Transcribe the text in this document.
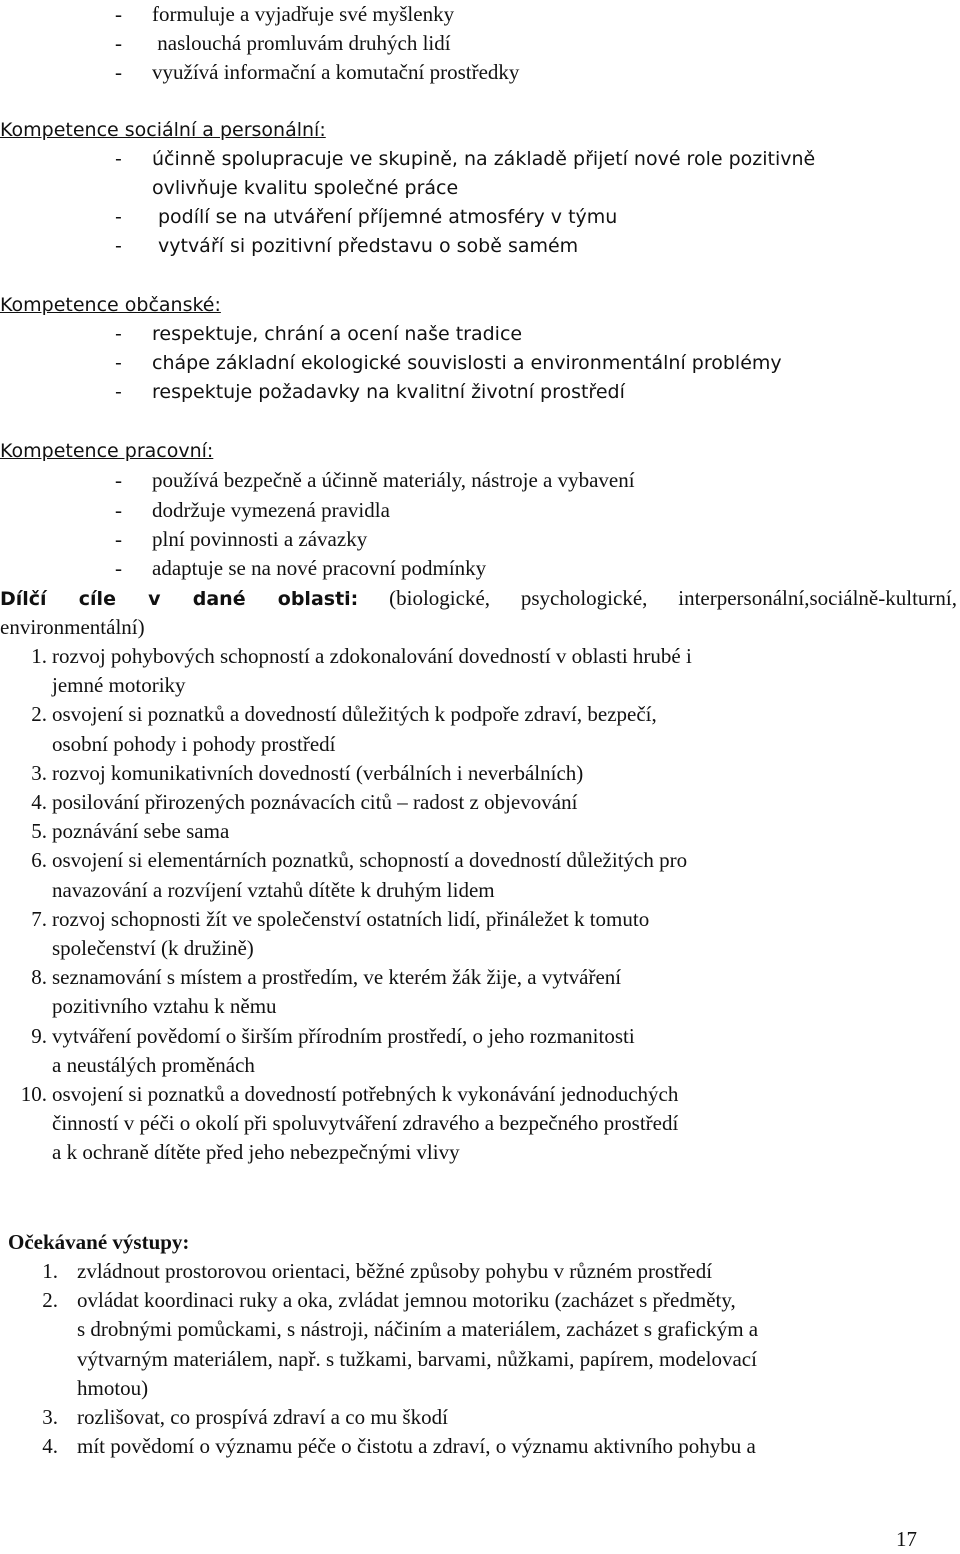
- formuluje a vyjadřuje své myšlenky
- naslouchá promluvám druhých lidí
- využívá informační a komutační prostředky
Kompetence sociální a personální:
- účinně spolupracuje ve skupině, na základě přijetí nové role pozitivně
ovlivňuje kvalitu společné práce
- podílí se na utváření příjemné atmosféry v týmu
- vytváří si pozitivní představu o sobě samém
Kompetence občanské:
- respektuje, chrání a ocení naše tradice
- chápe základní ekologické souvislosti a environmentální problémy
- respektuje požadavky na kvalitní životní prostředí
Kompetence pracovní:
- používá bezpečně a účinně materiály, nástroje a vybavení
- dodržuje vymezená pravidla
- plní povinnosti a závazky
- adaptuje se na nové pracovní podmínky
Dílčí cíle v dané oblasti: (biologické, psychologické, interpersonální,sociálně-kulturní,
environmentální)
1. rozvoj pohybových schopností a zdokonalování dovedností v oblasti hrubé i
jemné motoriky
2. osvojení si poznatků a dovedností důležitých k podpoře zdraví, bezpečí,
osobní pohody i pohody prostředí
3. rozvoj komunikativních dovedností (verbálních i neverbálních)
4. posilování přirozených poznávacích citů – radost z objevování
5. poznávání sebe sama
6. osvojení si elementárních poznatků, schopností a dovedností důležitých pro
navazování a rozvíjení vztahů dítěte k druhým lidem
7. rozvoj schopnosti žít ve společenství ostatních lidí, přináležet k tomuto
společenství (k družině)
8. seznamování s místem a prostředím, ve kterém žák žije, a vytváření
pozitivního vztahu k němu
9. vytváření povědomí o širším přírodním prostředí, o jeho rozmanitosti
a neustálých proměnách
10. osvojení si poznatků a dovedností potřebných k vykonávání jednoduchých
činností v péči o okolí při spoluvytváření zdravého a bezpečného prostředí
a k ochraně dítěte před jeho nebezpečnými vlivy
Očekávané výstupy:
1. zvládnout prostorovou orientaci, běžné způsoby pohybu v různém prostředí
2. ovládat koordinaci ruky a oka, zvládat jemnou motoriku (zacházet s předměty,
s drobnými pomůckami, s nástroji, náčiním a materiálem, zacházet s grafickým a
výtvarným materiálem, např. s tužkami, barvami, nůžkami, papírem, modelovací
hmotou)
3. rozlišovat, co prospívá zdraví a co mu škodí
4. mít povědomí o významu péče o čistotu a zdraví, o významu aktivního pohybu a
17
